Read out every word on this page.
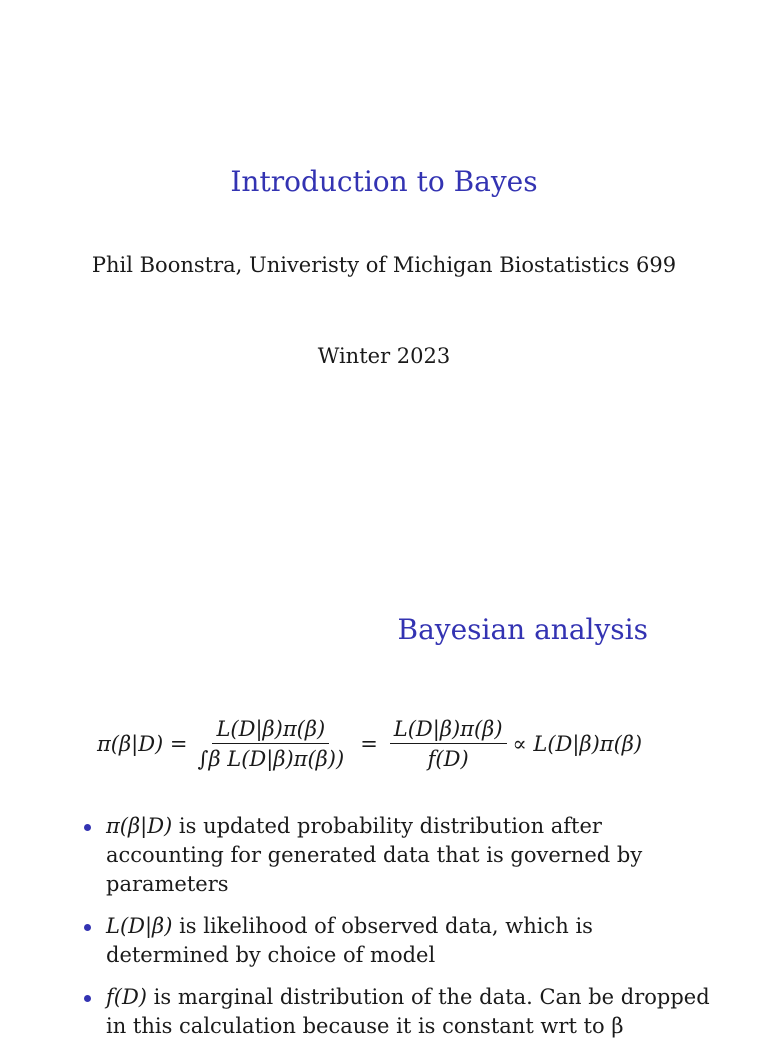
Introduction to Bayes

Phil Boonstra, Univeristy of Michigan Biostatistics 699

Winter 2023

Bayesian analysis
$\pi(\beta|D) = \frac{L(D|\beta)\pi(\beta)}{\text{∫β L(D|β)π(β))}} = \frac{L(D|\beta)\pi(\beta)}{f(D)} \propto L(D|\beta)\pi(\beta)$
π(β|D) is updated probability distribution after accounting for generated data that is governed by parameters
L(D|β) is likelihood of observed data, which is determined by choice of model
f(D) is marginal distribution of the data. Can be dropped in this calculation because it is constant wrt to β
